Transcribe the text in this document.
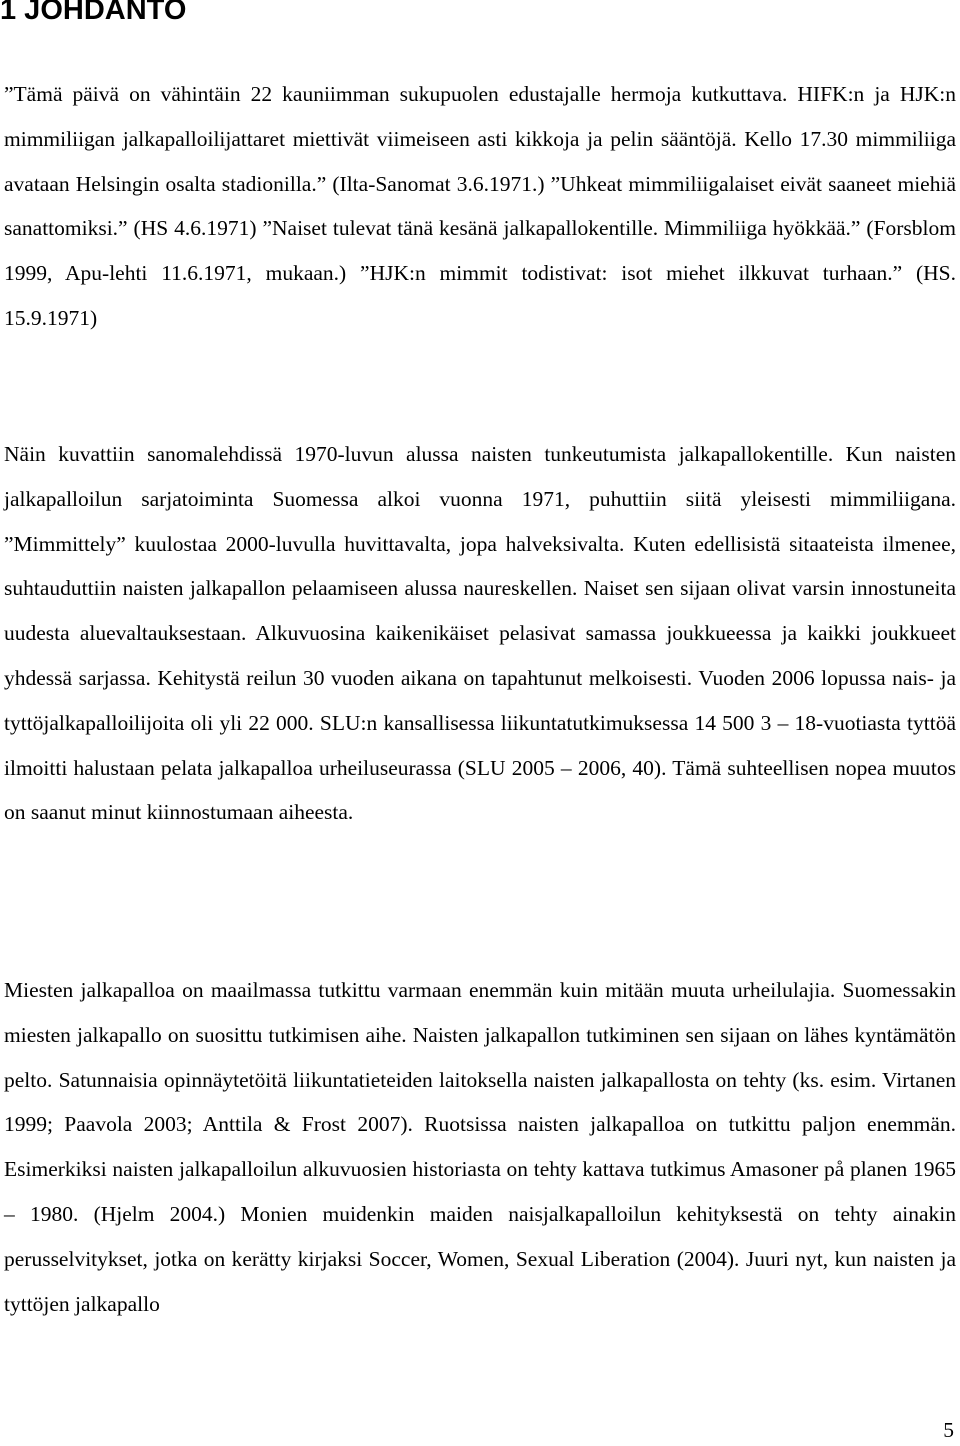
1 JOHDANTO

”Tämä päivä on vähintäin 22 kauniimman sukupuolen edustajalle hermoja kutkuttava. HIFK:n ja HJK:n mimmiliigan jalkapalloilijattaret miettivät viimeiseen asti kikkoja ja pelin sääntöjä. Kello 17.30 mimmiliiga avataan Helsingin osalta stadionilla.” (Ilta-Sanomat 3.6.1971.) ”Uhkeat mimmiliigalaiset eivät saaneet miehiä sanattomiksi.” (HS 4.6.1971) ”Naiset tulevat tänä kesänä jalkapallokentille. Mimmiliiga hyökkää.” (Forsblom 1999, Apu-lehti 11.6.1971, mukaan.) ”HJK:n mimmit todistivat: isot miehet ilkkuvat turhaan.” (HS. 15.9.1971)

Näin kuvattiin sanomalehdissä 1970-luvun alussa naisten tunkeutumista jalkapallokentille. Kun naisten jalkapalloilun sarjatoiminta Suomessa alkoi vuonna 1971, puhuttiin siitä yleisesti mimmiliigana. ”Mimmittely” kuulostaa 2000-luvulla huvittavalta, jopa halveksivalta. Kuten edellisistä sitaateista ilmenee, suhtauduttiin naisten jalkapallon pelaamiseen alussa naureskellen. Naiset sen sijaan olivat varsin innostuneita uudesta aluevaltauksestaan. Alkuvuosina kaikenikäiset pelasivat samassa joukkueessa ja kaikki joukkueet yhdessä sarjassa. Kehitystä reilun 30 vuoden aikana on tapahtunut melkoisesti. Vuoden 2006 lopussa nais- ja tyttöjalkapalloilijoita oli yli 22 000. SLU:n kansallisessa liikuntatutkimuksessa 14 500 3 – 18-vuotiasta tyttöä ilmoitti halustaan pelata jalkapalloa urheiluseurassa (SLU 2005 – 2006, 40). Tämä suhteellisen nopea muutos on saanut minut kiinnostumaan aiheesta.

Miesten jalkapalloa on maailmassa tutkittu varmaan enemmän kuin mitään muuta urheilulajia. Suomessakin miesten jalkapallo on suosittu tutkimisen aihe. Naisten jalkapallon tutkiminen sen sijaan on lähes kyntämätön pelto. Satunnaisia opinnäytetöitä liikuntatieteiden laitoksella naisten jalkapallosta on tehty (ks. esim. Virtanen 1999; Paavola 2003; Anttila & Frost 2007). Ruotsissa naisten jalkapalloa on tutkittu paljon enemmän. Esimerkiksi naisten jalkapalloilun alkuvuosien historiasta on tehty kattava tutkimus Amasoner på planen 1965 – 1980. (Hjelm 2004.) Monien muidenkin maiden naisjalkapalloilun kehityksestä on tehty ainakin perusselvitykset, jotka on kerätty kirjaksi Soccer, Women, Sexual Liberation (2004). Juuri nyt, kun naisten ja tyttöjen jalkapallo

5
